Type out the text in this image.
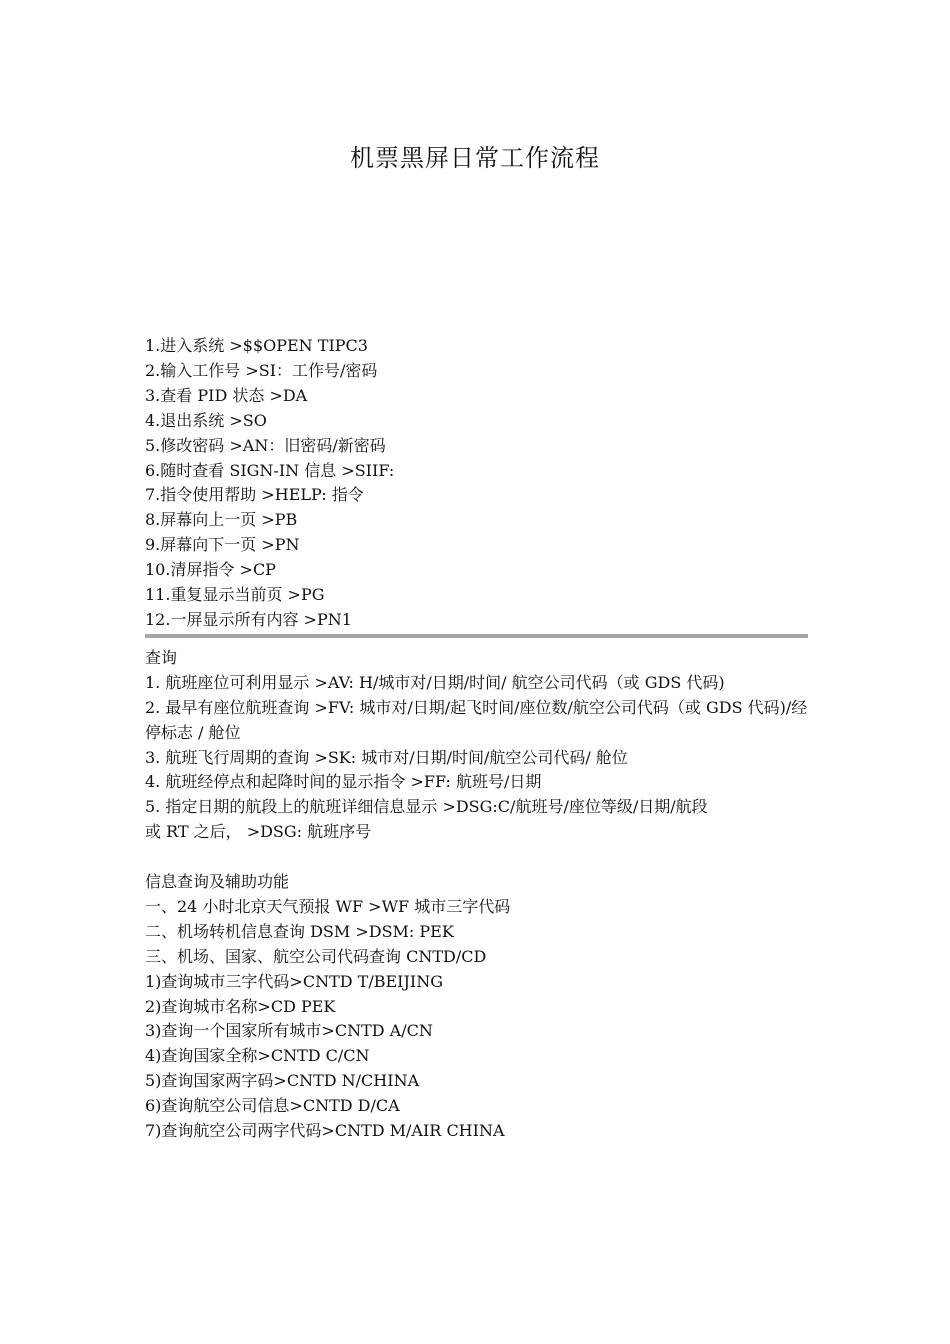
机票黑屏日常工作流程
1.进入系统 >$$OPEN TIPC3
2.输入工作号 >SI：工作号/密码
3.查看 PID 状态 >DA
4.退出系统 >SO
5.修改密码 >AN：旧密码/新密码
6.随时查看 SIGN-IN 信息 >SIIF:
7.指令使用帮助 >HELP: 指令
8.屏幕向上一页 >PB
9.屏幕向下一页 >PN
10.清屏指令 >CP
11.重复显示当前页 >PG
12.一屏显示所有内容 >PN1
查询
1. 航班座位可利用显示 >AV: H/城市对/日期/时间/ 航空公司代码（或 GDS 代码)
2. 最早有座位航班查询 >FV: 城市对/日期/起飞时间/座位数/航空公司代码（或 GDS 代码)/经停标志 / 舱位
3. 航班飞行周期的查询 >SK: 城市对/日期/时间/航空公司代码/ 舱位
4. 航班经停点和起降时间的显示指令 >FF: 航班号/日期
5. 指定日期的航段上的航班详细信息显示 >DSG:C/航班号/座位等级/日期/航段
或 RT 之后， >DSG: 航班序号
信息查询及辅助功能
一、24 小时北京天气预报 WF >WF 城市三字代码
二、机场转机信息查询 DSM >DSM: PEK
三、机场、国家、航空公司代码查询 CNTD/CD
1)查询城市三字代码>CNTD T/BEIJING
2)查询城市名称>CD PEK
3)查询一个国家所有城市>CNTD A/CN
4)查询国家全称>CNTD C/CN
5)查询国家两字码>CNTD N/CHINA
6)查询航空公司信息>CNTD D/CA
7)查询航空公司两字代码>CNTD M/AIR CHINA
